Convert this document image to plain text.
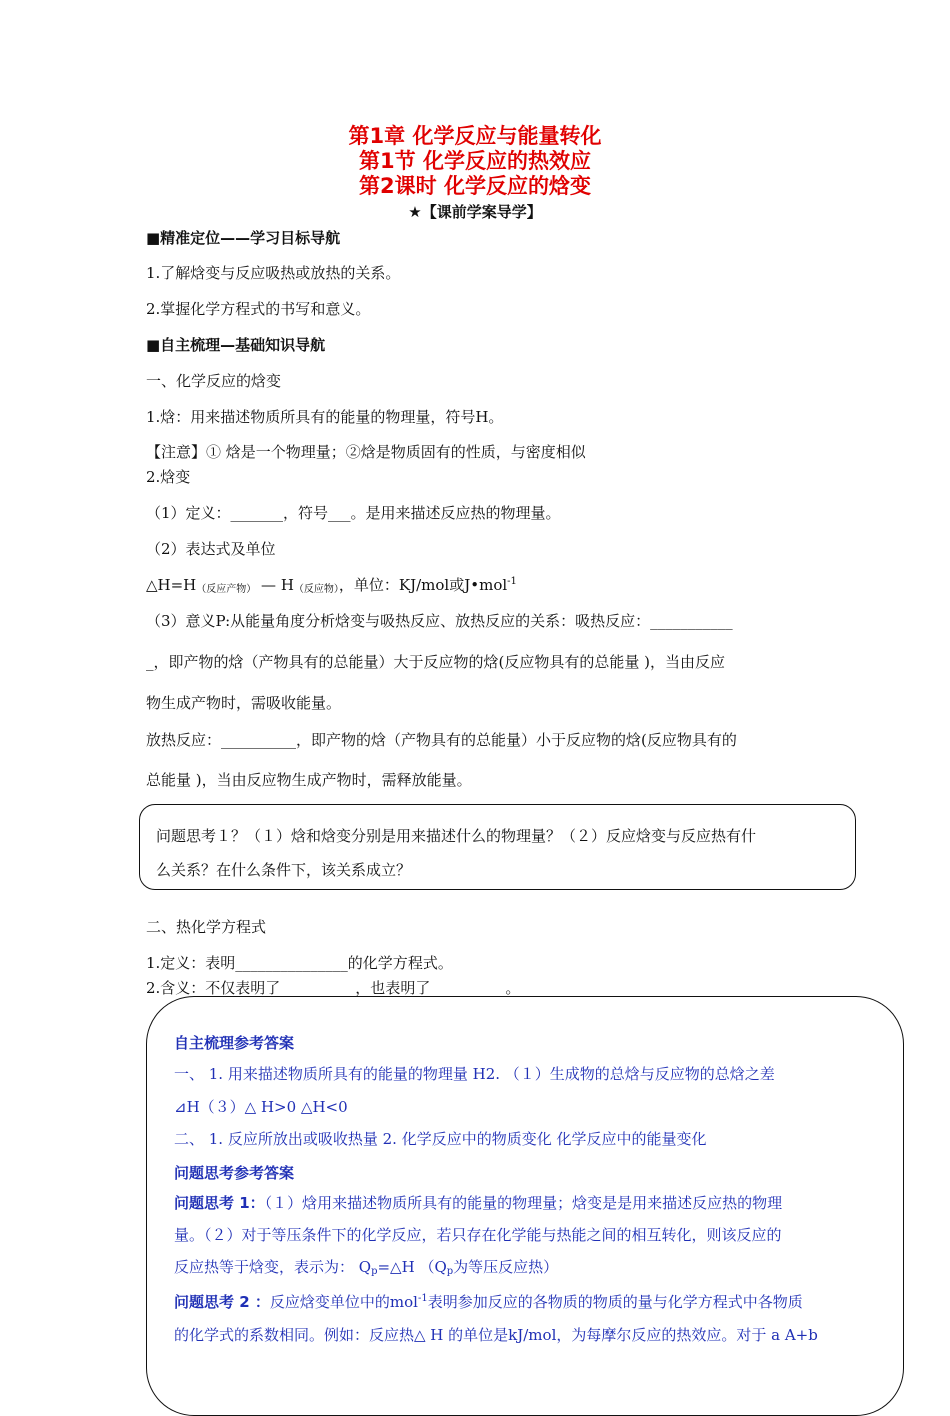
第1章 化学反应与能量转化
第1节 化学反应的热效应
第2课时 化学反应的焓变
★【课前学案导学】
■精准定位——学习目标导航
1.了解焓变与反应吸热或放热的关系。
2.掌握化学方程式的书写和意义。
■自主梳理—基础知识导航
一、化学反应的焓变
1.焓：用来描述物质所具有的能量的物理量，符号H。
【注意】① 焓是一个物理量；②焓是物质固有的性质，与密度相似
2.焓变
（1）定义：_______，符号___。是用来描述反应热的物理量。
（2）表达式及单位
$\triangle H=H_{(反应产物)}$ — $H_{(反应物)}$，单位：KJ/mol或J•mol$^{-1}$
（3）意义P:从能量角度分析焓变与吸热反应、放热反应的关系：吸热反应：___________
_，即产物的焓（产物具有的总能量）大于反应物的焓(反应物具有的总能量 )，当由反应
物生成产物时，需吸收能量。
放热反应：__________，即产物的焓（产物具有的总能量）小于反应物的焓(反应物具有的
总能量 )，当由反应物生成产物时，需释放能量。
问题思考１？（１）焓和焓变分别是用来描述什么的物理量？（２）反应焓变与反应热有什
么关系？在什么条件下，该关系成立？
二、热化学方程式
1.定义：表明_______________的化学方程式。
2.含义：不仅表明了__________，也表明了__________。
自主梳理参考答案
一、 1. 用来描述物质所具有的能量的物理量 H2. （１）生成物的总焓与反应物的总焓之差
⊿H（３）△ H>0 △H<0
二、 1. 反应所放出或吸收热量 2. 化学反应中的物质变化 化学反应中的能量变化
问题思考参考答案
问题思考 1：（１）焓用来描述物质所具有的能量的物理量；焓变是是用来描述反应热的物理
量。（２）对于等压条件下的化学反应，若只存在化学能与热能之间的相互转化，则该反应的
反应热等于焓变，表示为： $Q_p=\triangle H$ （$Q_p$为等压反应热）
问题思考 2 ：反应焓变单位中的mol$^{-1}$表明参加反应的各物质的物质的量与化学方程式中各物质
的化学式的系数相同。例如：反应热△ H 的单位是kJ/mol，为每摩尔反应的热效应。对于 a A+b
